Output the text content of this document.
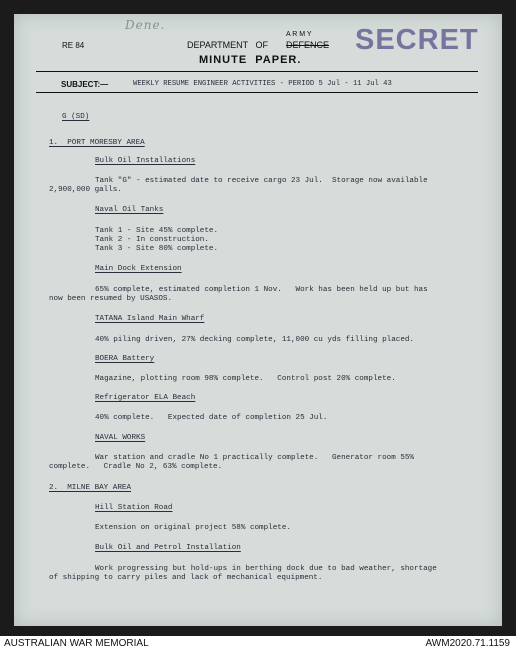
RE 84
Dene.
A R M Y
DEPARTMENT   OF DEFENCE
MINUTE  PAPER.
SECRET
SUBJECT:—	WEEKLY RESUME ENGINEER ACTIVITIES - PERIOD 5 Jul - 11 Jul 43
G (SD)
1.  PORT MORESBY AREA
Bulk Oil Installations
Tank "G" - estimated date to receive cargo 23 Jul.  Storage now available
2,900,000 galls.
Naval Oil Tanks
Tank 1 - Site 45% complete.
Tank 2 - In construction.
Tank 3 - Site 80% complete.
Main Dock Extension
65% complete, estimated completion 1 Nov.   Work has been held up but has
now been resumed by USASOS.
TATANA Island Main Wharf
40% piling driven, 27% decking complete, 11,000 cu yds filling placed.
BOERA Battery
Magazine, plotting room 98% complete.   Control post 20% complete.
Refrigerator ELA Beach
40% complete.   Expected date of completion 25 Jul.
NAVAL WORKS
War station and cradle No 1 practically complete.   Generator room 55%
complete.   Cradle No 2, 63% complete.
2.  MILNE BAY AREA
Hill Station Road
Extension on original project 58% complete.
Bulk Oil and Petrol Installation
Work progressing but hold-ups in berthing dock due to bad weather, shortage
of shipping to carry piles and lack of mechanical equipment.
AUSTRALIAN WAR MEMORIAL	AWM2020.71.1159
